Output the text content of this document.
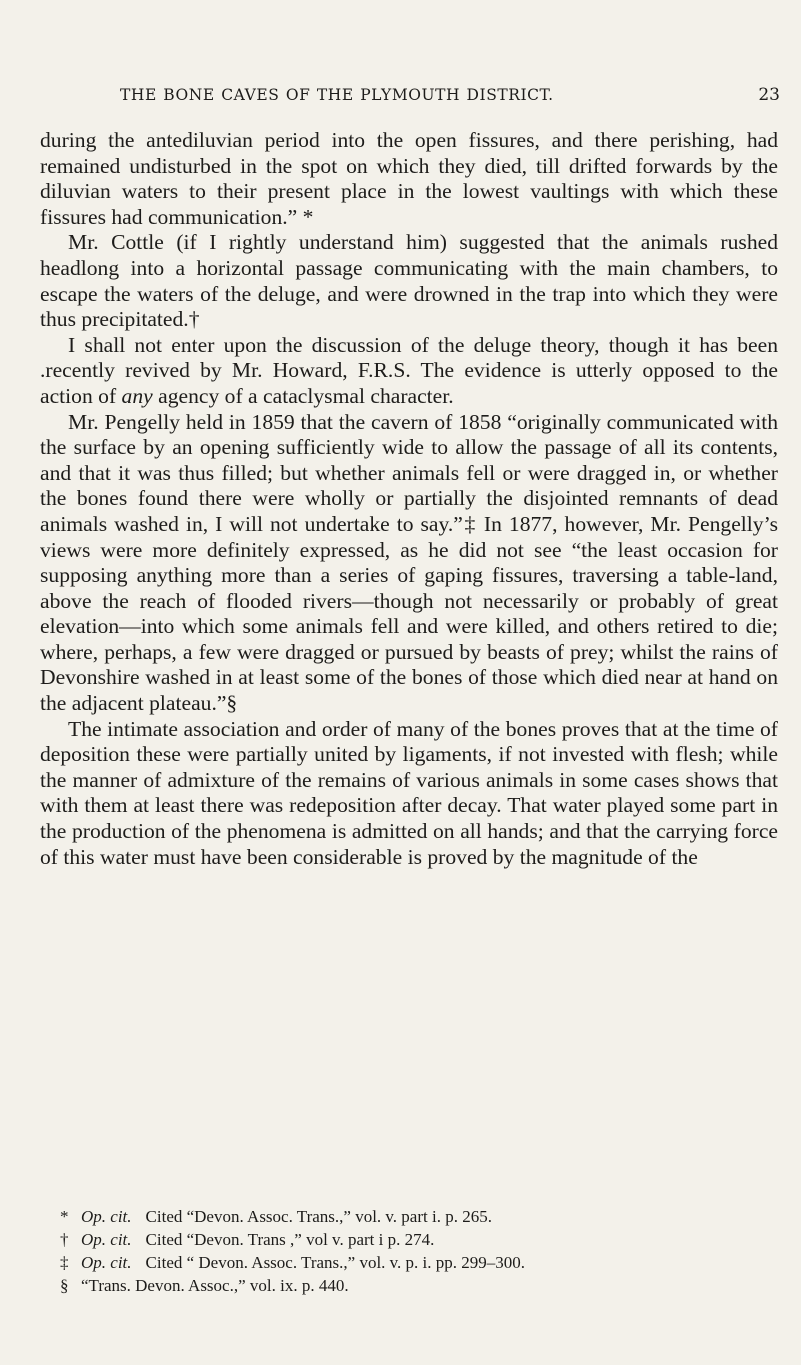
THE BONE CAVES OF THE PLYMOUTH DISTRICT.	23

during the antediluvian period into the open fissures, and there perishing, had remained undisturbed in the spot on which they died, till drifted forwards by the diluvian waters to their present place in the lowest vaultings with which these fissures had communication.” *

Mr. Cottle (if I rightly understand him) suggested that the animals rushed headlong into a horizontal passage communicating with the main chambers, to escape the waters of the deluge, and were drowned in the trap into which they were thus precipitated.†

I shall not enter upon the discussion of the deluge theory, though it has been .recently revived by Mr. Howard, F.R.S. The evidence is utterly opposed to the action of any agency of a cataclysmal character.

Mr. Pengelly held in 1859 that the cavern of 1858 “originally communicated with the surface by an opening sufficiently wide to allow the passage of all its contents, and that it was thus filled; but whether animals fell or were dragged in, or whether the bones found there were wholly or partially the disjointed remnants of dead animals washed in, I will not undertake to say.”‡ In 1877, however, Mr. Pengelly’s views were more definitely expressed, as he did not see “the least occasion for supposing anything more than a series of gaping fissures, traversing a table-land, above the reach of flooded rivers—though not necessarily or probably of great elevation—into which some animals fell and were killed, and others retired to die; where, perhaps, a few were dragged or pursued by beasts of prey; whilst the rains of Devonshire washed in at least some of the bones of those which died near at hand on the adjacent plateau.”§

The intimate association and order of many of the bones proves that at the time of deposition these were partially united by ligaments, if not invested with flesh; while the manner of admixture of the remains of various animals in some cases shows that with them at least there was redeposition after decay. That water played some part in the production of the phenomena is admitted on all hands; and that the carrying force of this water must have been considerable is proved by the magnitude of the

* Op. cit. Cited “Devon. Assoc. Trans.,” vol. v. part i. p. 265.
† Op. cit. Cited “Devon. Trans ,” vol v. part i p. 274.
‡ Op. cit. Cited “ Devon. Assoc. Trans.,” vol. v. p. i. pp. 299–300.
§ “Trans. Devon. Assoc.,” vol. ix. p. 440.
